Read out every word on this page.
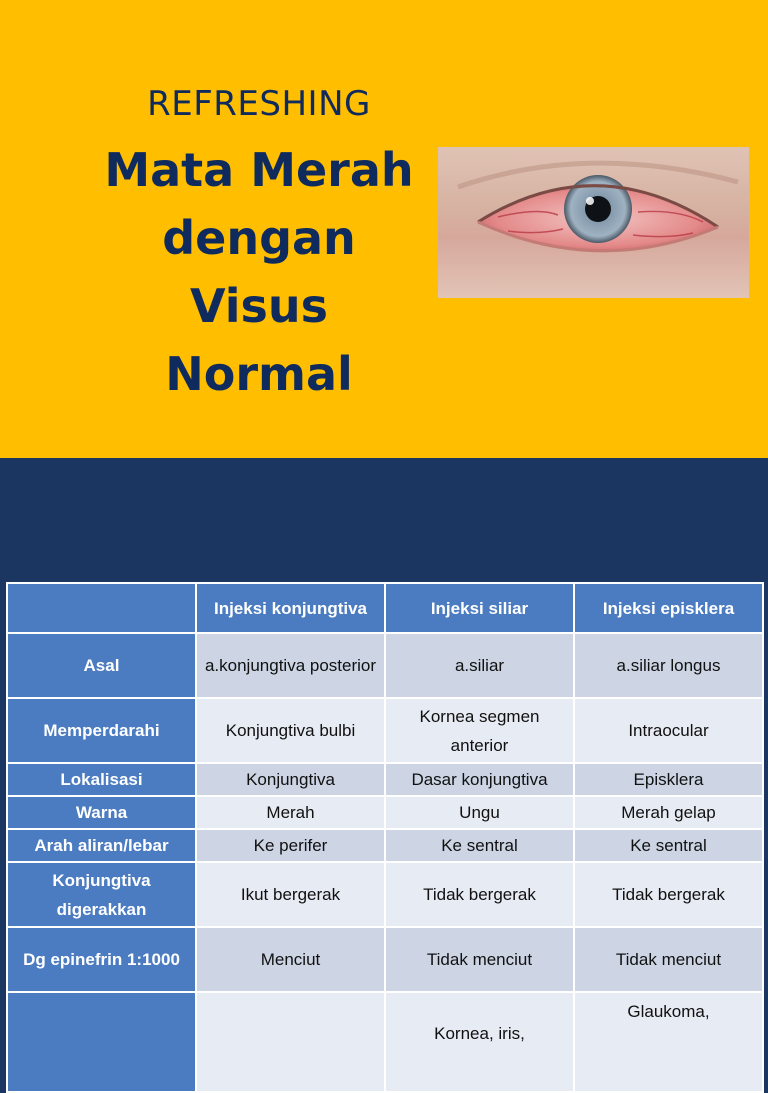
REFRESHING
Mata Merah
dengan
Visus Normal
	Injeksi konjungtiva	Injeksi siliar	Injeksi episklera
Asal	a.konjungtiva posterior	a.siliar	a.siliar longus
Memperdarahi	Konjungtiva bulbi	Kornea segmen anterior	Intraocular
Lokalisasi	Konjungtiva	Dasar konjungtiva	Episklera
Warna	Merah	Ungu	Merah gelap
Arah aliran/lebar	Ke perifer	Ke sentral	Ke sentral
Konjungtiva digerakkan	Ikut bergerak	Tidak bergerak	Tidak bergerak
Dg epinefrin 1:1000	Menciut	Tidak menciut	Tidak menciut
		Kornea, iris,	Glaukoma,
